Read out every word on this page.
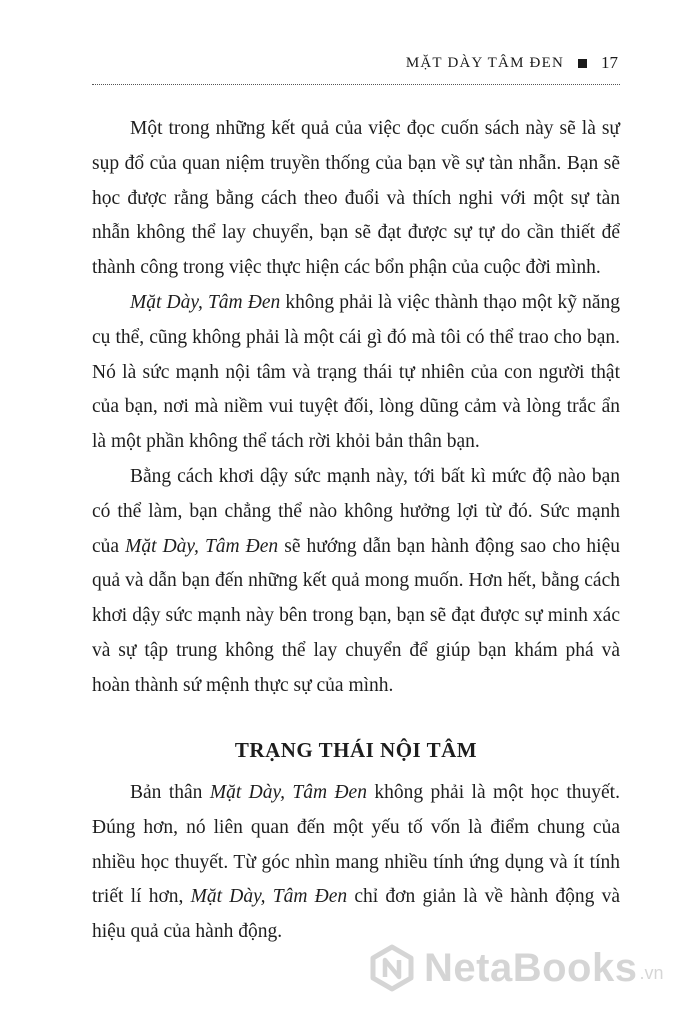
MẶT DÀY TÂM ĐEN 17

Một trong những kết quả của việc đọc cuốn sách này sẽ là sự sụp đổ của quan niệm truyền thống của bạn về sự tàn nhẫn. Bạn sẽ học được rằng bằng cách theo đuổi và thích nghi với một sự tàn nhẫn không thể lay chuyển, bạn sẽ đạt được sự tự do cần thiết để thành công trong việc thực hiện các bổn phận của cuộc đời mình.

Mặt Dày, Tâm Đen không phải là việc thành thạo một kỹ năng cụ thể, cũng không phải là một cái gì đó mà tôi có thể trao cho bạn. Nó là sức mạnh nội tâm và trạng thái tự nhiên của con người thật của bạn, nơi mà niềm vui tuyệt đối, lòng dũng cảm và lòng trắc ẩn là một phần không thể tách rời khỏi bản thân bạn.

Bằng cách khơi dậy sức mạnh này, tới bất kì mức độ nào bạn có thể làm, bạn chẳng thể nào không hưởng lợi từ đó. Sức mạnh của Mặt Dày, Tâm Đen sẽ hướng dẫn bạn hành động sao cho hiệu quả và dẫn bạn đến những kết quả mong muốn. Hơn hết, bằng cách khơi dậy sức mạnh này bên trong bạn, bạn sẽ đạt được sự minh xác và sự tập trung không thể lay chuyển để giúp bạn khám phá và hoàn thành sứ mệnh thực sự của mình.

TRẠNG THÁI NỘI TÂM

Bản thân Mặt Dày, Tâm Đen không phải là một học thuyết. Đúng hơn, nó liên quan đến một yếu tố vốn là điểm chung của nhiều học thuyết. Từ góc nhìn mang nhiều tính ứng dụng và ít tính triết lí hơn, Mặt Dày, Tâm Đen chỉ đơn giản là về hành động và hiệu quả của hành động.

NetaBooks .vn
